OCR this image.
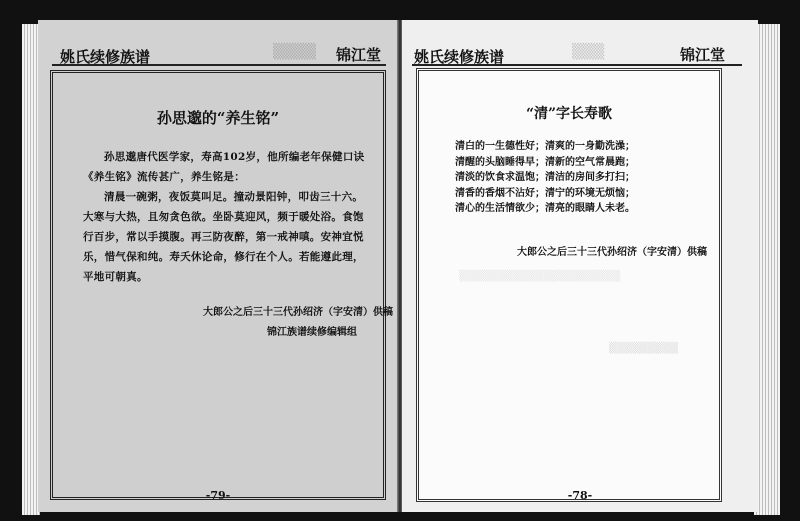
姚氏续修族谱	▒▒▒▒ 锦江堂
孙思邈的“养生铭”
孙思邈唐代医学家，寿高102岁，他所编老年保健口诀《养生铭》流传甚广，养生铭是：
清晨一碗粥，夜饭莫叫足。撞动景阳钟，叩齿三十六。大寒与大热，且匆贪色欲。坐卧莫迎风，频于暖处浴。食饱行百步，常以手摸腹。再三防夜醉，第一戒神嗔。安神宜悦乐，惜气保和纯。寿夭休论命，修行在个人。若能遵此理，平地可朝真。
大郎公之后三十三代孙绍济（字安清）供稿
锦江族谱续修编辑组
-79-
姚氏续修族谱	▒▒▒	锦江堂
“清”字长寿歌
清白的一生德性好；清爽的一身勤洗澡；
清醒的头脑睡得早；清新的空气常晨跑；
清淡的饮食求温饱；清洁的房间多打扫；
清香的香烟不沾好；清宁的环境无烦恼；
清心的生活情欲少；清亮的眼睛人未老。
大郎公之后三十三代孙绍济（字安清）供稿
▒▒▒▒▒▒▒▒▒▒▒▒▒▒▒▒▒▒▒▒▒
▒▒▒▒▒▒▒▒▒
-78-
